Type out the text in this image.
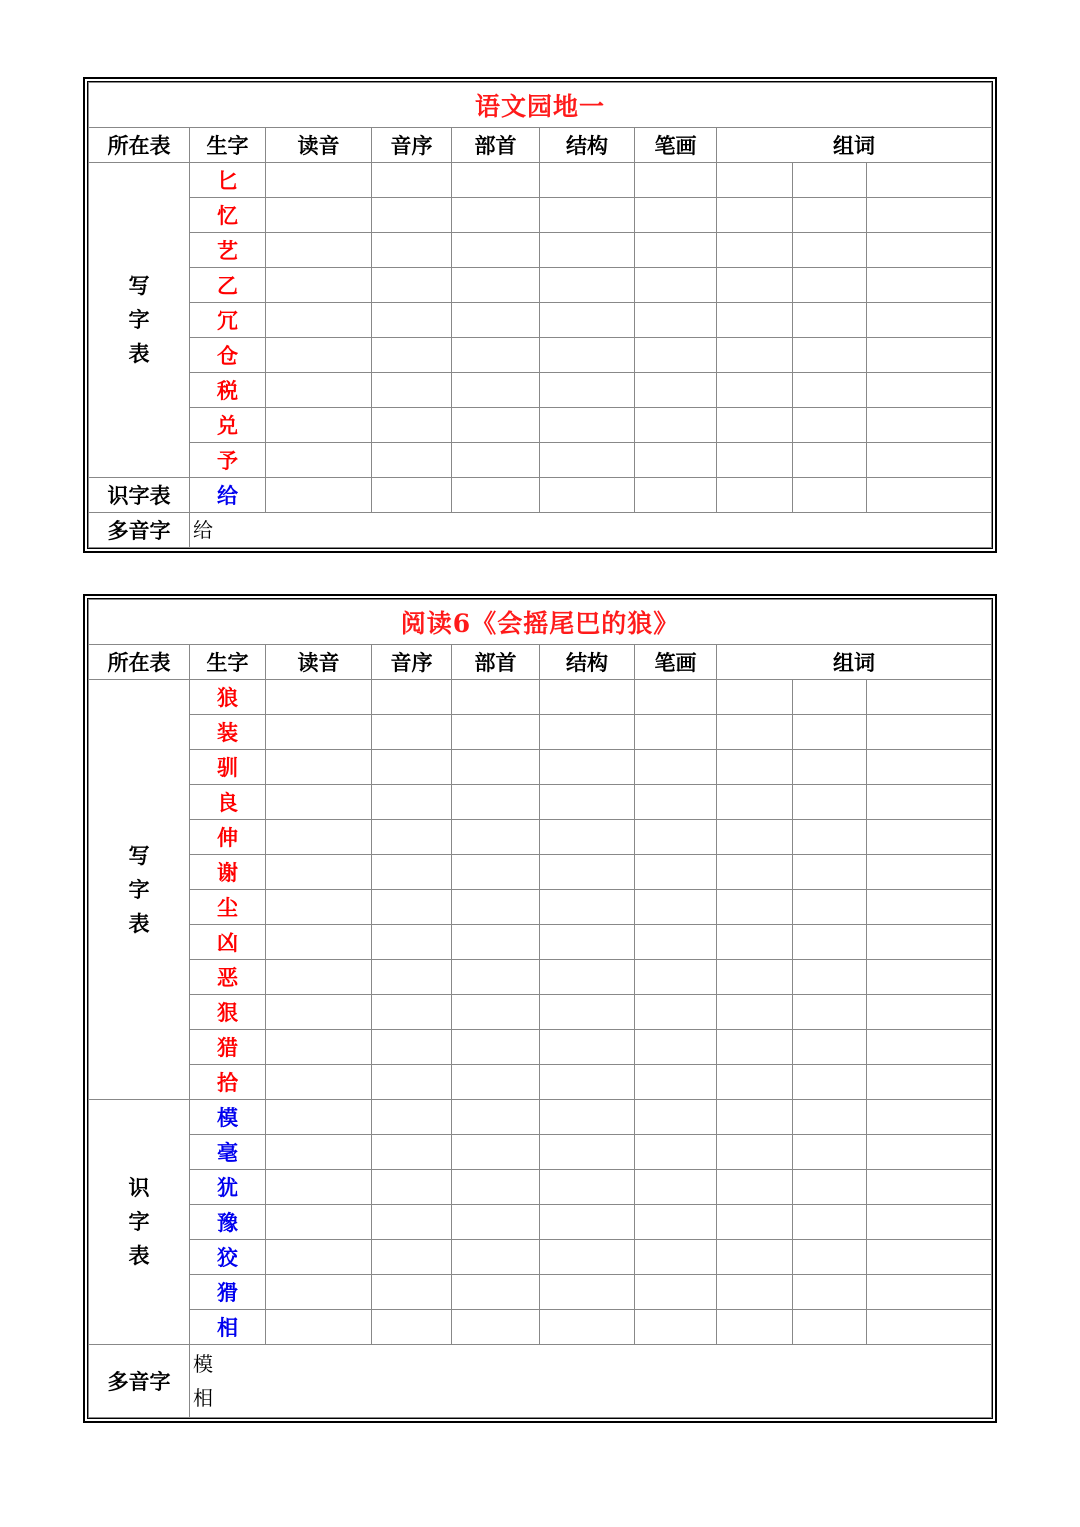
语文园地一									
所在表	生字	读音	音序	部首	结构	笔画	组词		

写
字
表	匕								
	忆								
	艺								
	乙								
	冗								
	仓								
	税								
	兑								
	予								
识字表	给								
多音字	给								
阅读6《会摇尾巴的狼》									
所在表	生字	读音	音序	部首	结构	笔画	组词		

写
字
表	狼								
	装								
	驯								
	良								
	伸								
	谢								
	尘								
	凶								
	恶								
	狠								
	猎								
	拾								

识
字
表	模								
	毫								
	犹								
	豫								
	狡								
	猾								
	相								
多音字	模
相								
